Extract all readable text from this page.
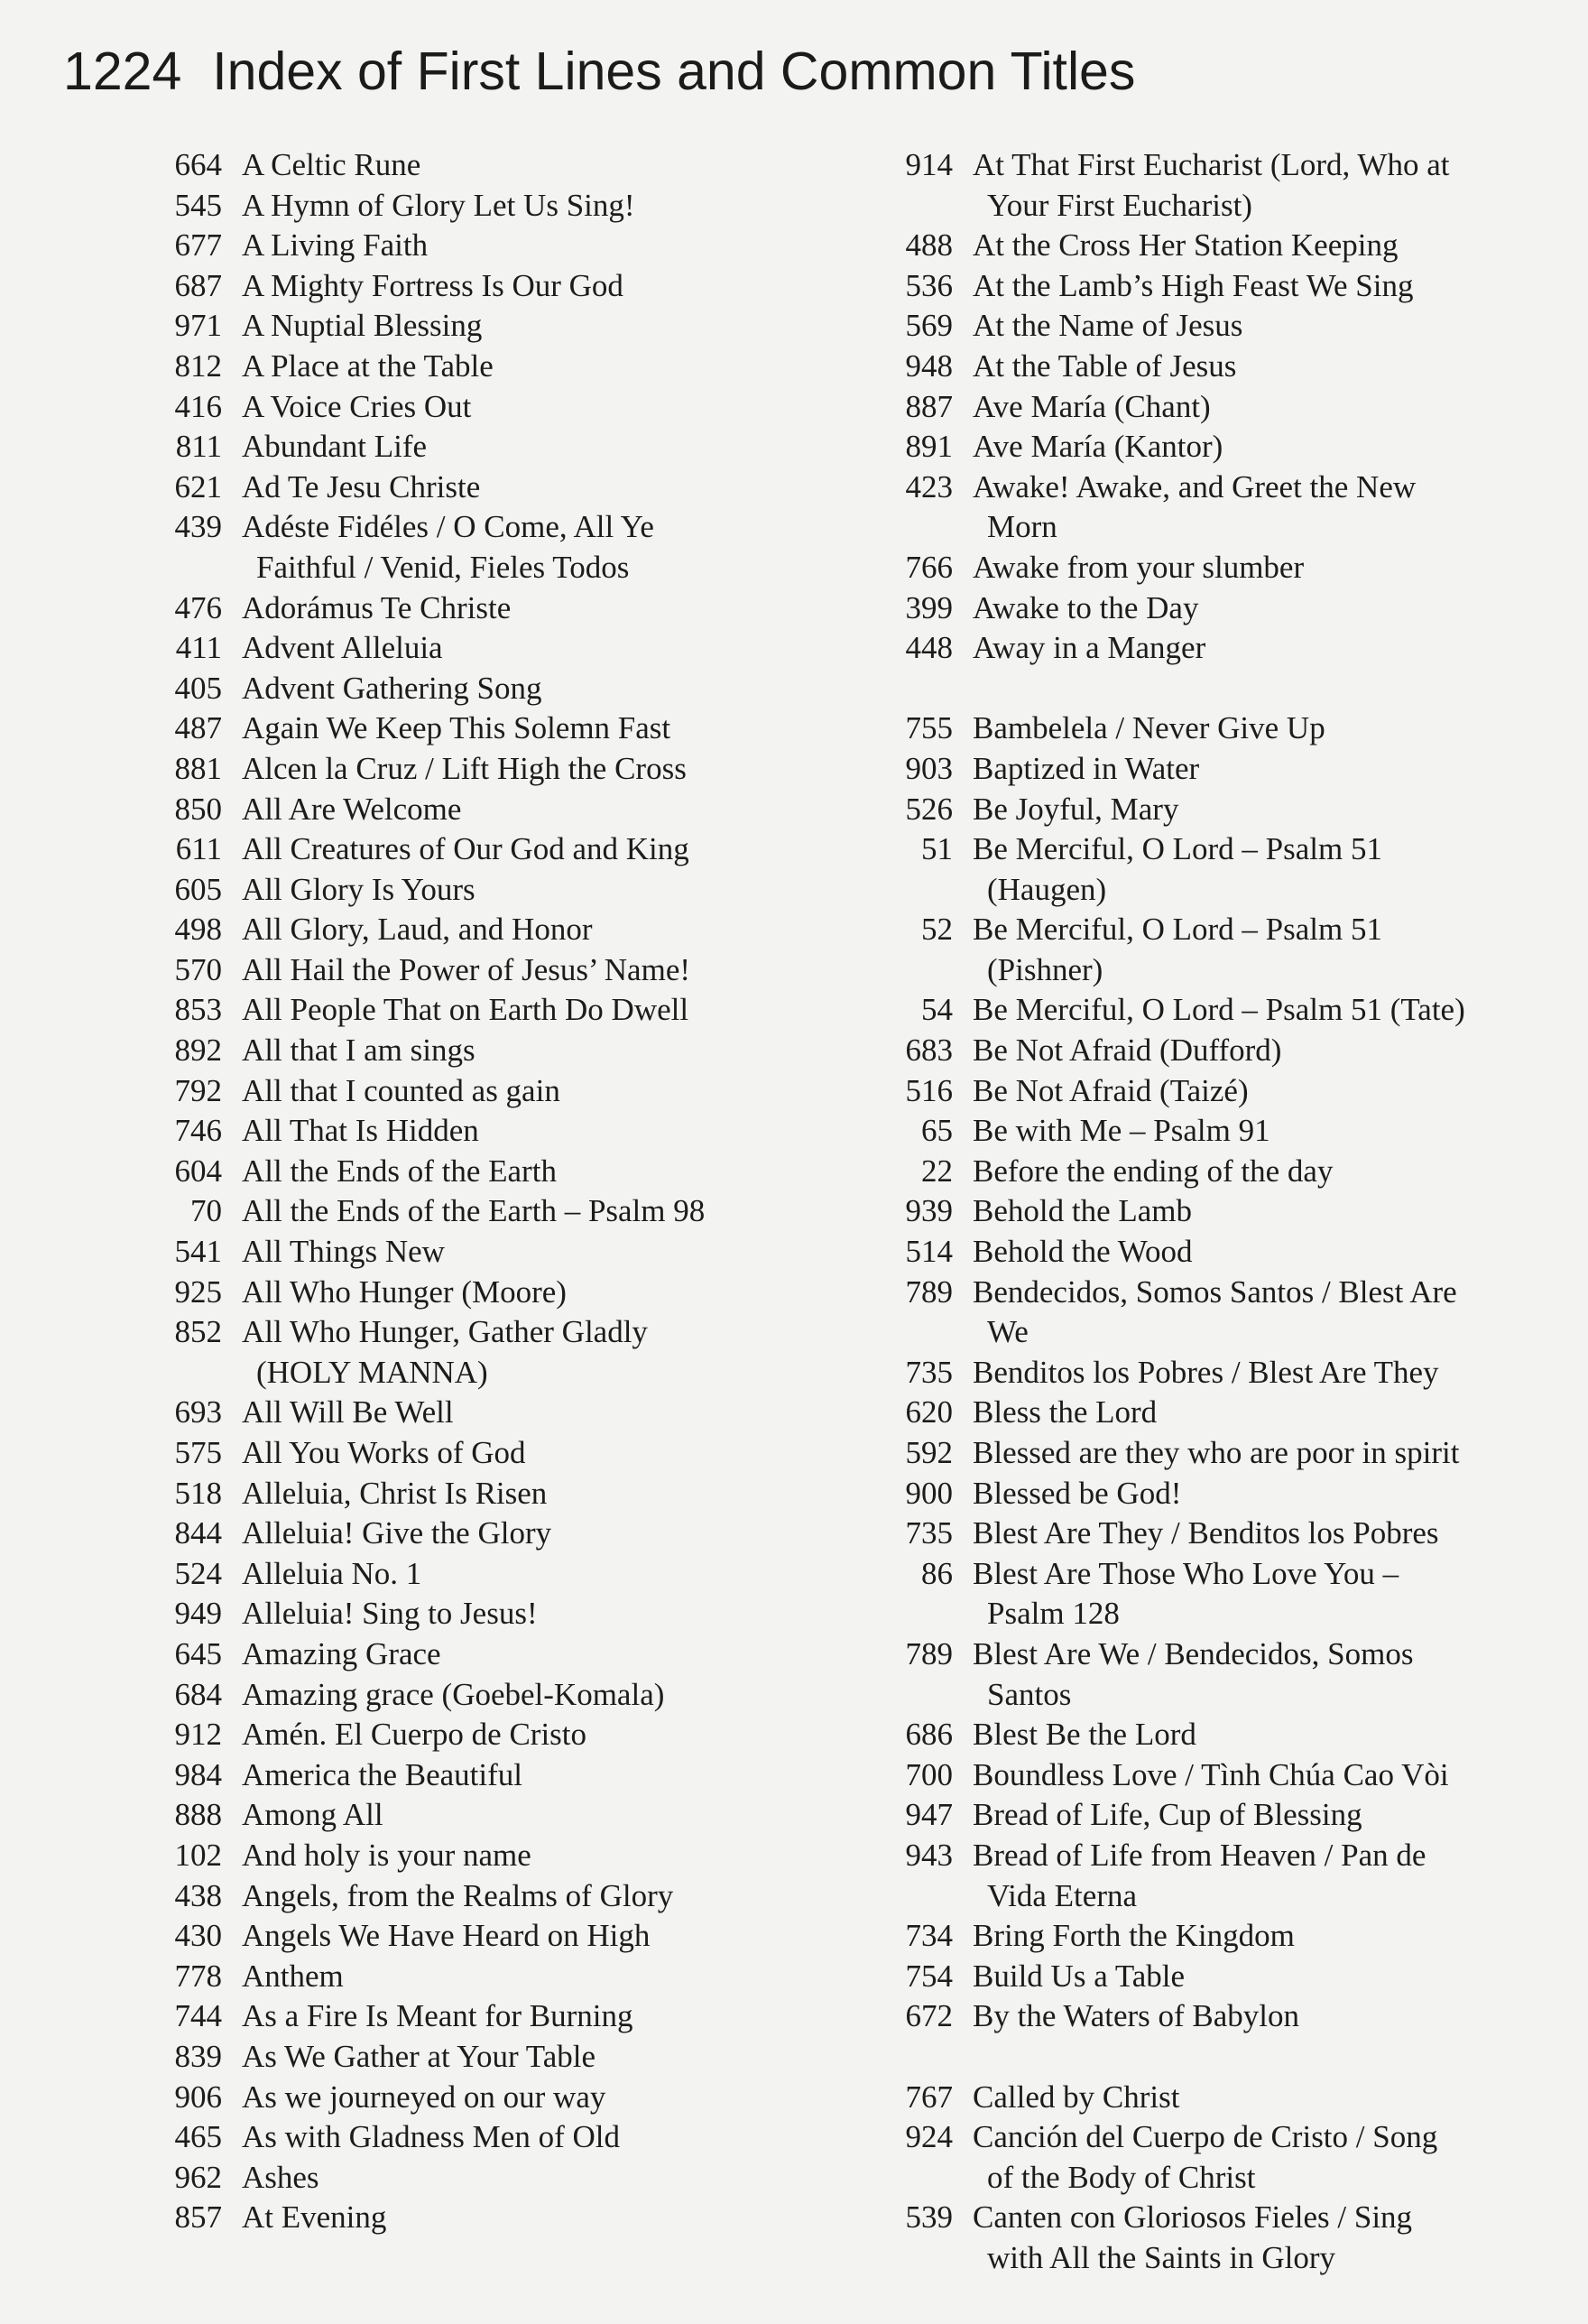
1224 Index of First Lines and Common Titles
664 A Celtic Rune
545 A Hymn of Glory Let Us Sing!
677 A Living Faith
687 A Mighty Fortress Is Our God
971 A Nuptial Blessing
812 A Place at the Table
416 A Voice Cries Out
811 Abundant Life
621 Ad Te Jesu Christe
439 Adéste Fidéles / O Come, All Ye
Faithful / Venid, Fieles Todos
476 Adorámus Te Christe
411 Advent Alleluia
405 Advent Gathering Song
487 Again We Keep This Solemn Fast
881 Alcen la Cruz / Lift High the Cross
850 All Are Welcome
611 All Creatures of Our God and King
605 All Glory Is Yours
498 All Glory, Laud, and Honor
570 All Hail the Power of Jesus’ Name!
853 All People That on Earth Do Dwell
892 All that I am sings
792 All that I counted as gain
746 All That Is Hidden
604 All the Ends of the Earth
70 All the Ends of the Earth – Psalm 98
541 All Things New
925 All Who Hunger (Moore)
852 All Who Hunger, Gather Gladly
(HOLY MANNA)
693 All Will Be Well
575 All You Works of God
518 Alleluia, Christ Is Risen
844 Alleluia! Give the Glory
524 Alleluia No. 1
949 Alleluia! Sing to Jesus!
645 Amazing Grace
684 Amazing grace (Goebel-Komala)
912 Amén. El Cuerpo de Cristo
984 America the Beautiful
888 Among All
102 And holy is your name
438 Angels, from the Realms of Glory
430 Angels We Have Heard on High
778 Anthem
744 As a Fire Is Meant for Burning
839 As We Gather at Your Table
906 As we journeyed on our way
465 As with Gladness Men of Old
962 Ashes
857 At Evening
914 At That First Eucharist (Lord, Who at
Your First Eucharist)
488 At the Cross Her Station Keeping
536 At the Lamb’s High Feast We Sing
569 At the Name of Jesus
948 At the Table of Jesus
887 Ave María (Chant)
891 Ave María (Kantor)
423 Awake! Awake, and Greet the New
Morn
766 Awake from your slumber
399 Awake to the Day
448 Away in a Manger
755 Bambelela / Never Give Up
903 Baptized in Water
526 Be Joyful, Mary
51 Be Merciful, O Lord – Psalm 51
(Haugen)
52 Be Merciful, O Lord – Psalm 51
(Pishner)
54 Be Merciful, O Lord – Psalm 51 (Tate)
683 Be Not Afraid (Dufford)
516 Be Not Afraid (Taizé)
65 Be with Me – Psalm 91
22 Before the ending of the day
939 Behold the Lamb
514 Behold the Wood
789 Bendecidos, Somos Santos / Blest Are
We
735 Benditos los Pobres / Blest Are They
620 Bless the Lord
592 Blessed are they who are poor in spirit
900 Blessed be God!
735 Blest Are They / Benditos los Pobres
86 Blest Are Those Who Love You –
Psalm 128
789 Blest Are We / Bendecidos, Somos
Santos
686 Blest Be the Lord
700 Boundless Love / Tình Chúa Cao Vòi
947 Bread of Life, Cup of Blessing
943 Bread of Life from Heaven / Pan de
Vida Eterna
734 Bring Forth the Kingdom
754 Build Us a Table
672 By the Waters of Babylon
767 Called by Christ
924 Canción del Cuerpo de Cristo / Song
of the Body of Christ
539 Canten con Gloriosos Fieles / Sing
with All the Saints in Glory
